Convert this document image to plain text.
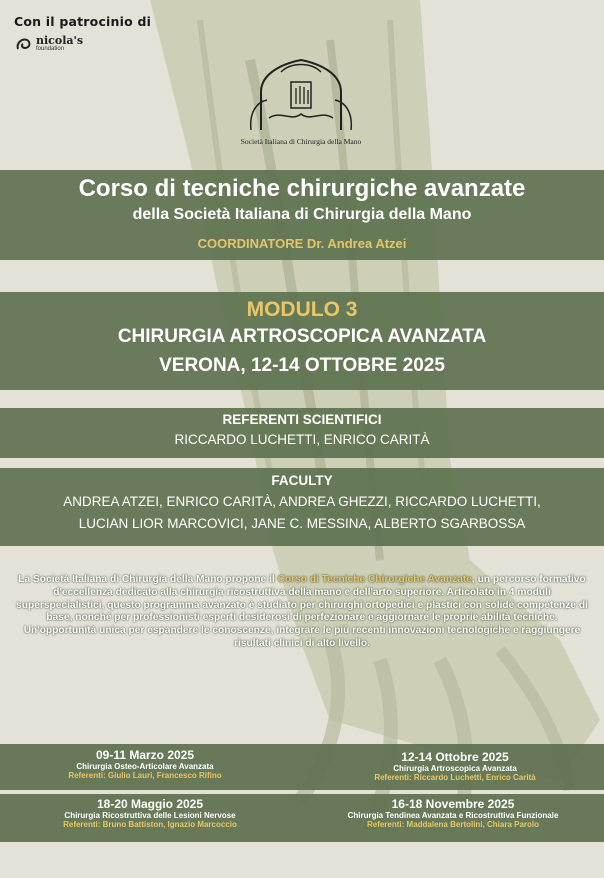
Con il patrocinio di
nicola's
foundation
Società Italiana di Chirurgia della Mano
Corso di tecniche chirurgiche avanzate
della Società Italiana di Chirurgia della Mano
COORDINATORE Dr. Andrea Atzei
MODULO 3
CHIRURGIA ARTROSCOPICA AVANZATA
VERONA, 12-14 OTTOBRE 2025
REFERENTI SCIENTIFICI
RICCARDO LUCHETTI, ENRICO CARITÀ
FACULTY
ANDREA ATZEI, ENRICO CARITÀ, ANDREA GHEZZI, RICCARDO LUCHETTI,
LUCIAN LIOR MARCOVICI, JANE C. MESSINA, ALBERTO SGARBOSSA
La Società Italiana di Chirurgia della Mano propone il Corso di Tecniche Chirurgiche Avanzate, un percorso formativo d'eccellenza dedicato alla chirurgia ricostruttiva della mano e dell'arto superiore. Articolato in 4 moduli superspecialistici, questo programma avanzato è studiato per chirurghi ortopedici e plastici con solide competenze di base, nonché per professionisti esperti desiderosi di perfezionare e aggiornare le proprie abilità tecniche.
Un'opportunità unica per espandere le conoscenze, integrare le più recenti innovazioni tecnologiche e raggiungere risultati clinici di alto livello.
09-11 Marzo 2025
Chirurgia Osteo-Articolare Avanzata
Referenti: Giulio Lauri, Francesco Rifino
12-14 Ottobre 2025
Chirurgia Artroscopica Avanzata
Referenti: Riccardo Luchetti, Enrico Carità
18-20 Maggio 2025
Chirurgia Ricostruttiva delle Lesioni Nervose
Referenti: Bruno Battiston, Ignazio Marcoccio
16-18 Novembre 2025
Chirurgia Tendinea Avanzata e Ricostruttiva Funzionale
Referenti: Maddalena Bertolini, Chiara Parolo
